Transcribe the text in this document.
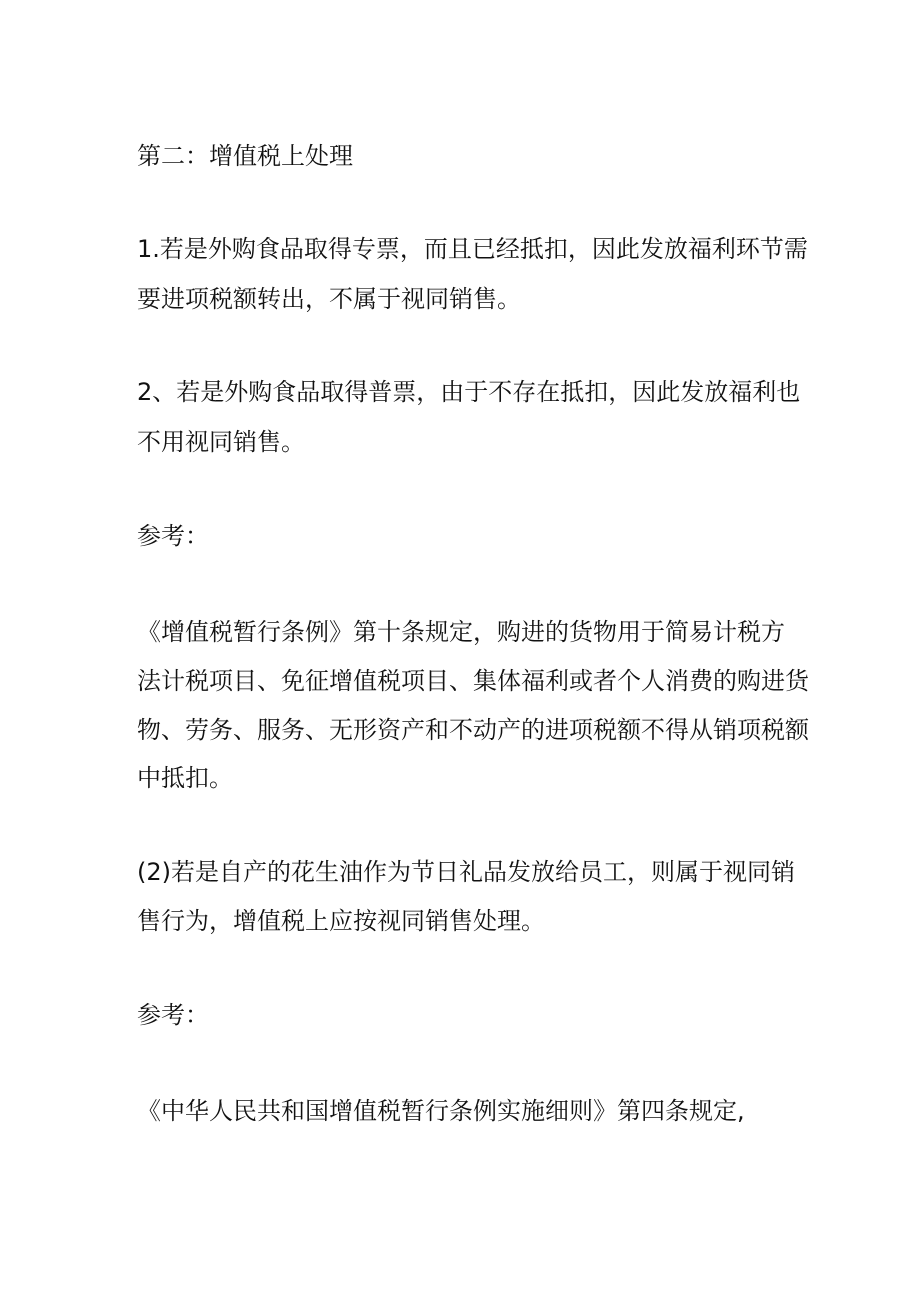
第二：增值税上处理
1.若是外购食品取得专票，而且已经抵扣，因此发放福利环节需
要进项税额转出，不属于视同销售。
2、若是外购食品取得普票，由于不存在抵扣，因此发放福利也
不用视同销售。
参考：
《增值税暂行条例》第十条规定，购进的货物用于简易计税方
法计税项目、免征增值税项目、集体福利或者个人消费的购进货
物、劳务、服务、无形资产和不动产的进项税额不得从销项税额
中抵扣。
(2)若是自产的花生油作为节日礼品发放给员工，则属于视同销
售行为，增值税上应按视同销售处理。
参考：
《中华人民共和国增值税暂行条例实施细则》第四条规定,
